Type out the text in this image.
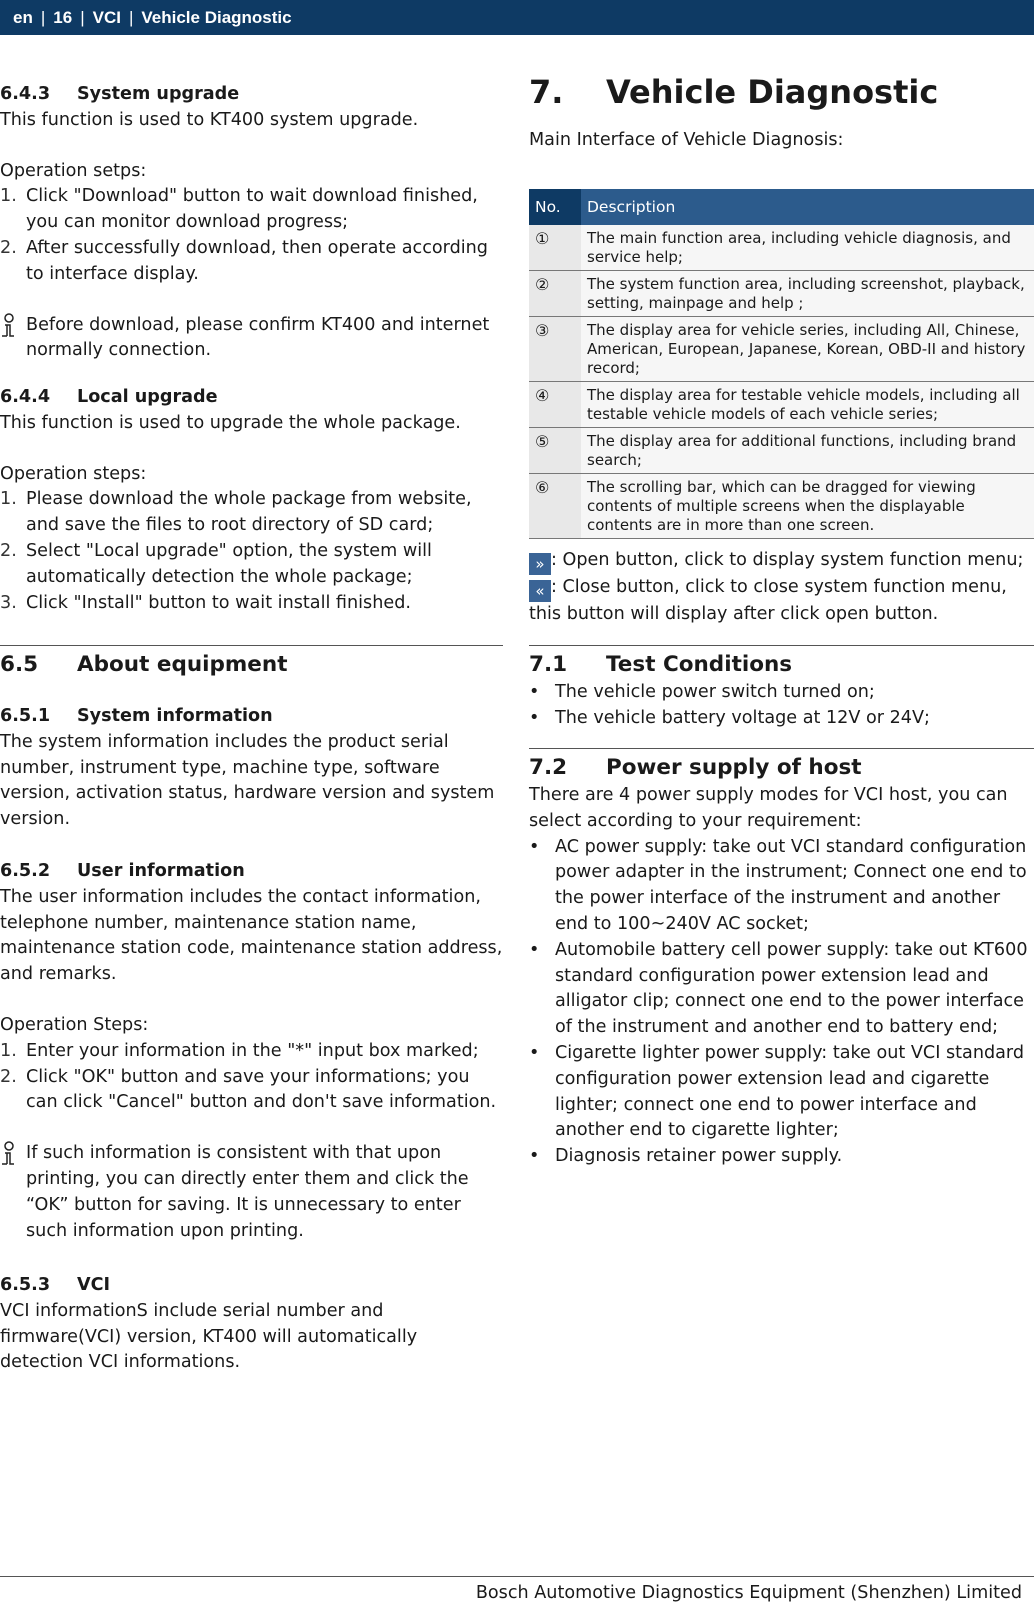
en | 16 | VCI | Vehicle Diagnostic

6.4.3 System upgrade

This function is used to KT400 system upgrade.

Operation setps:

1. Click "Download" button to wait download finished, you can monitor download progress;
2. After successfully download, then operate according to interface display.
Before download, please confirm KT400 and internet normally connection.

6.4.4 Local upgrade

This function is used to upgrade the whole package.

Operation steps:

1. Please download the whole package from website, and save the files to root directory of SD card;
2. Select "Local upgrade" option, the system will automatically detection the whole package;
3. Click "Install" button to wait install finished.

6.5 About equipment

6.5.1 System information

The system information includes the product serial number, instrument type, machine type, software version, activation status, hardware version and system version.

6.5.2 User information

The user information includes the contact information, telephone number, maintenance station name, maintenance station code, maintenance station address, and remarks.

Operation Steps:

1. Enter your information in the "*" input box marked;
2. Click "OK" button and save your informations; you can click "Cancel" button and don't save information.
If such information is consistent with that upon printing, you can directly enter them and click the “OK” button for saving. It is unnecessary to enter such information upon printing.

6.5.3 VCI

VCI informationS include serial number and firmware(VCI) version, KT400 will automatically detection VCI informations.

7. Vehicle Diagnostic

Main Interface of Vehicle Diagnosis:

No.	Description
①	The main function area, including vehicle diagnosis, and service help;
②	The system function area, including screenshot, playback, setting, mainpage and help ;
③	The display area for vehicle series, including All, Chinese, American, European, Japanese, Korean, OBD-II and history record;
④	The display area for testable vehicle models, including all testable vehicle models of each vehicle series;
⑤	The display area for additional functions, including brand search;
⑥	The scrolling bar, which can be dragged for viewing contents of multiple screens when the displayable contents are in more than one screen.

» : Open button, click to display system function menu;

« : Close button, click to close system function menu, this button will display after click open button.

7.1 Test Conditions

• The vehicle power switch turned on;
• The vehicle battery voltage at 12V or 24V;

7.2 Power supply of host

There are 4 power supply modes for VCI host, you can select according to your requirement:

• AC power supply: take out VCI standard configuration power adapter in the instrument; Connect one end to the power interface of the instrument and another end to 100~240V AC socket;
• Automobile battery cell power supply: take out KT600 standard configuration power extension lead and alligator clip; connect one end to the power interface of the instrument and another end to battery end;
• Cigarette lighter power supply: take out VCI standard configuration power extension lead and cigarette lighter; connect one end to power interface and another end to cigarette lighter;
• Diagnosis retainer power supply.
Bosch Automotive Diagnostics Equipment (Shenzhen) Limited
